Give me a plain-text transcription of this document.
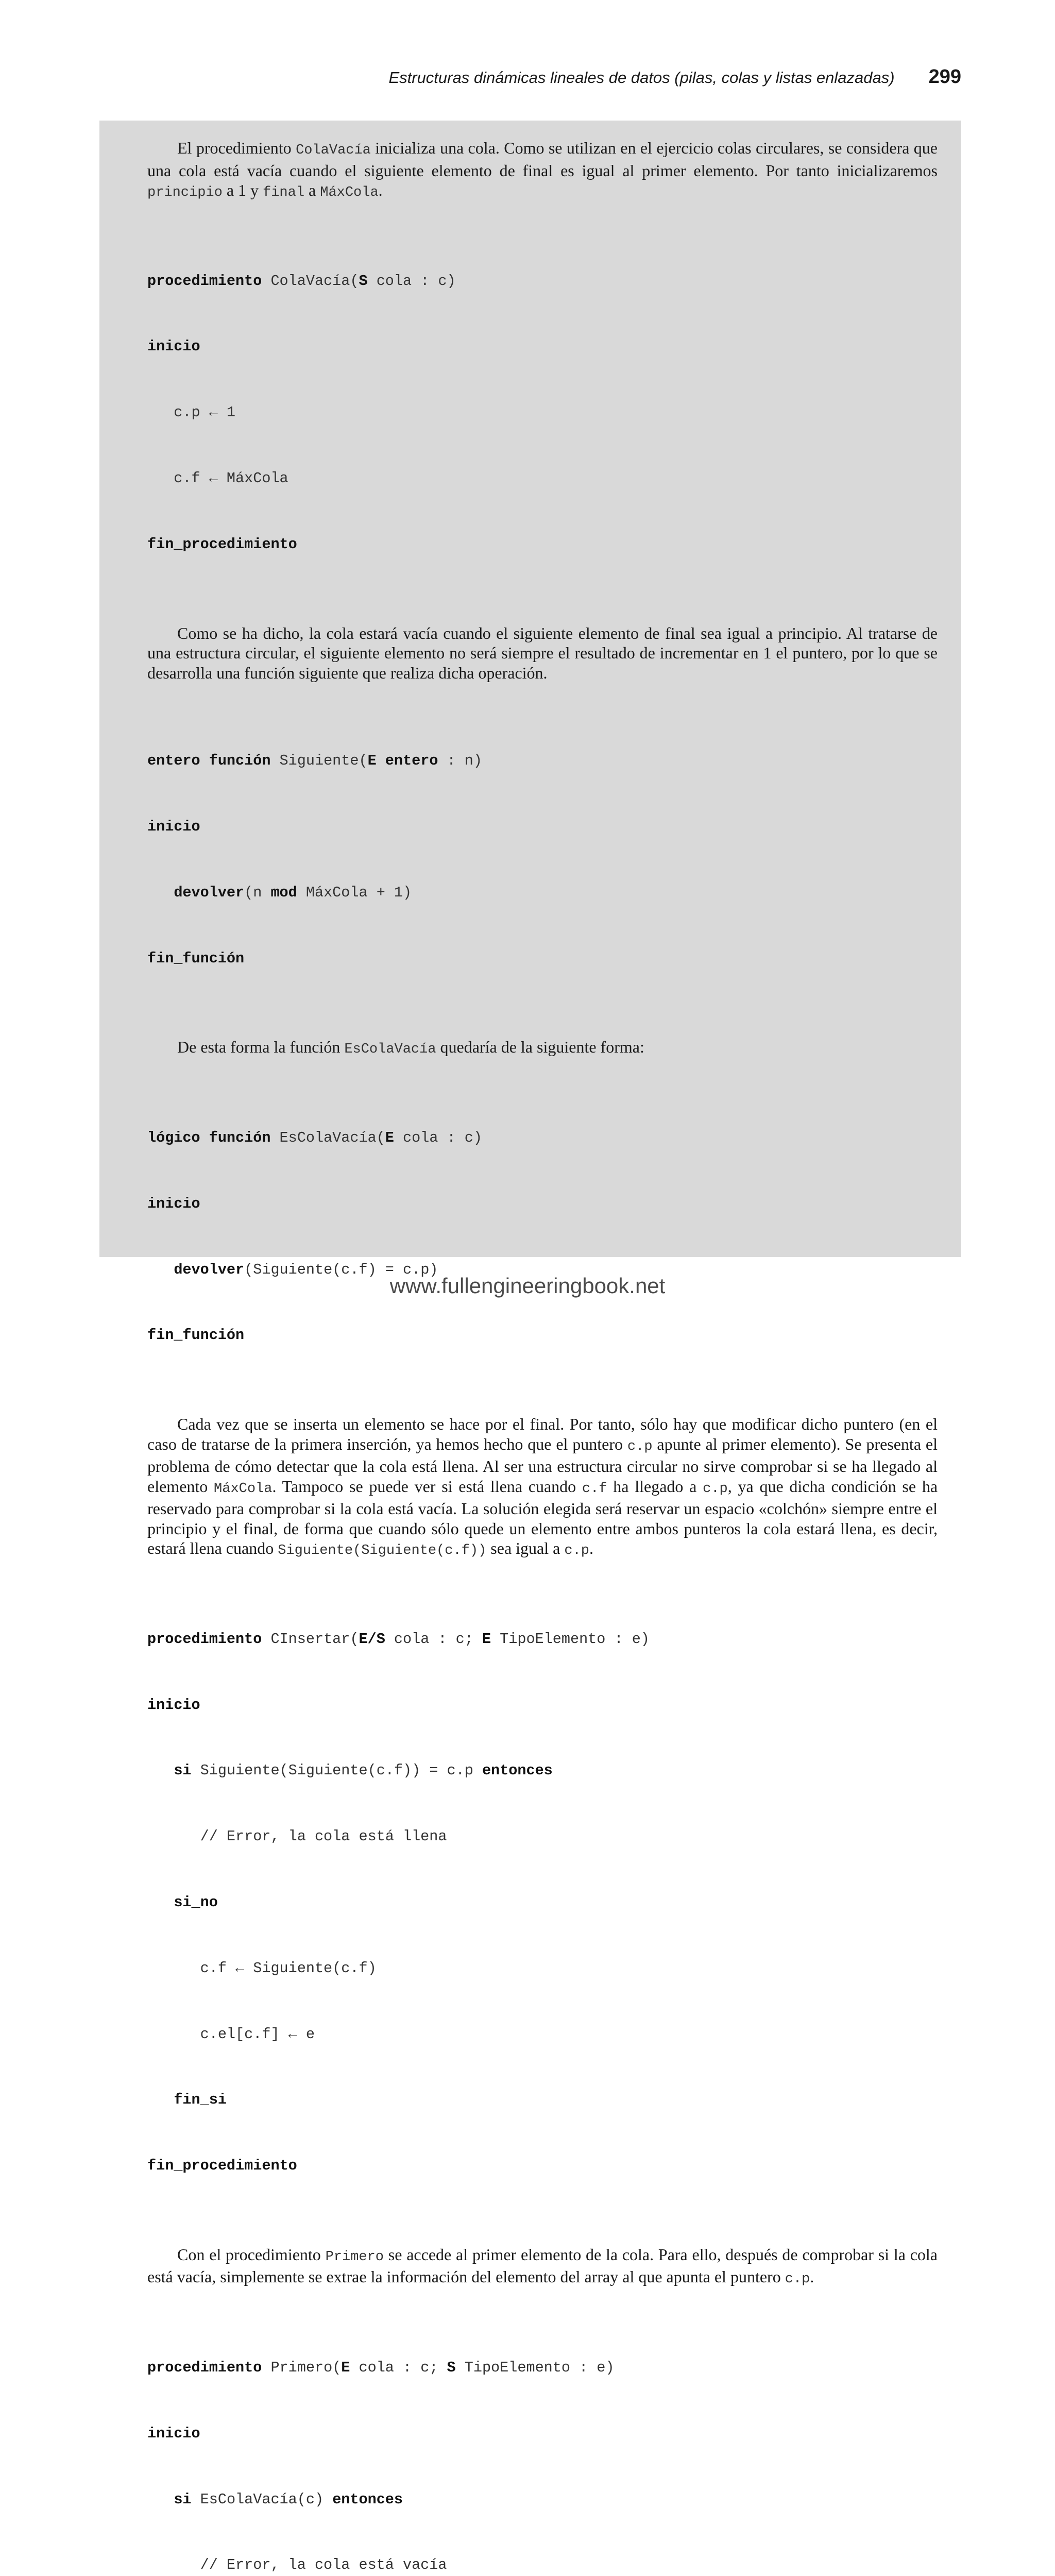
Estructuras dinámicas lineales de datos (pilas, colas y listas enlazadas) 299

El procedimiento ColaVacía inicializa una cola. Como se utilizan en el ejercicio colas circulares, se considera que una cola está vacía cuando el siguiente elemento de final es igual al primer elemento. Por tanto inicializaremos principio a 1 y final a MáxCola.

procedimiento ColaVacía(S cola : c)

inicio

c.p ← 1

c.f ← MáxCola

fin_procedimiento

Como se ha dicho, la cola estará vacía cuando el siguiente elemento de final sea igual a principio. Al tratarse de una estructura circular, el siguiente elemento no será siempre el resultado de incrementar en 1 el puntero, por lo que se desarrolla una función siguiente que realiza dicha operación.

entero función Siguiente(E entero : n)

inicio

devolver(n mod MáxCola + 1)

fin_función

De esta forma la función EsColaVacía quedaría de la siguiente forma:

lógico función EsColaVacía(E cola : c)

inicio

devolver(Siguiente(c.f) = c.p)

fin_función

Cada vez que se inserta un elemento se hace por el final. Por tanto, sólo hay que modificar dicho puntero (en el caso de tratarse de la primera inserción, ya hemos hecho que el puntero c.p apunte al primer elemento). Se presenta el problema de cómo detectar que la cola está llena. Al ser una estructura circular no sirve comprobar si se ha llegado al elemento MáxCola. Tampoco se puede ver si está llena cuando c.f ha llegado a c.p, ya que dicha condición se ha reservado para comprobar si la cola está vacía. La solución elegida será reservar un espacio «colchón» siempre entre el principio y el final, de forma que cuando sólo quede un elemento entre ambos punteros la cola estará llena, es decir, estará llena cuando Siguiente(Siguiente(c.f)) sea igual a c.p.

procedimiento CInsertar(E/S cola : c; E TipoElemento : e)

inicio

si Siguiente(Siguiente(c.f)) = c.p entonces

// Error, la cola está llena

si_no

c.f ← Siguiente(c.f)

c.el[c.f] ← e

fin_si

fin_procedimiento

Con el procedimiento Primero se accede al primer elemento de la cola. Para ello, después de comprobar si la cola está vacía, simplemente se extrae la información del elemento del array al que apunta el puntero c.p.

procedimiento Primero(E cola : c; S TipoElemento : e)

inicio

si EsColaVacía(c) entonces

// Error, la cola está vacía

www.fullengineeringbook.net
